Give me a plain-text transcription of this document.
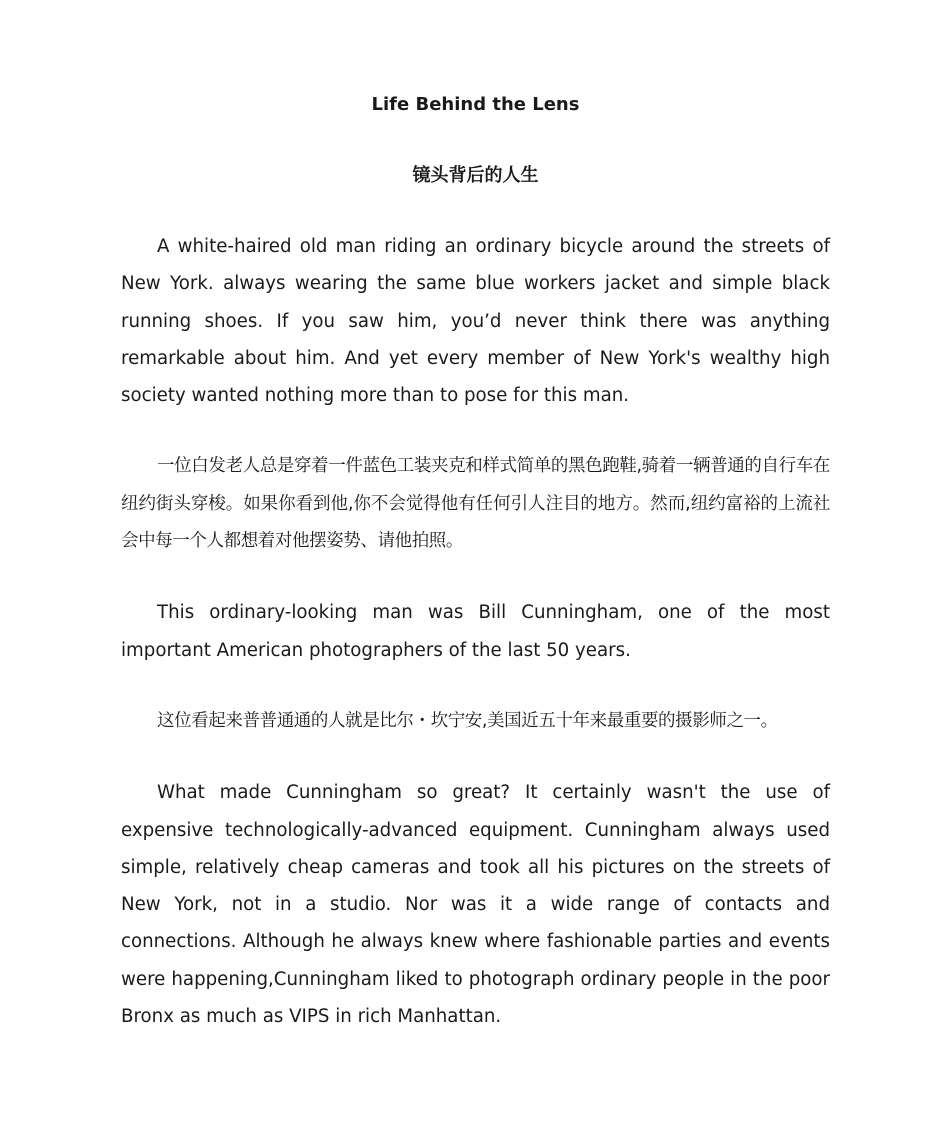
Life Behind the Lens
镜头背后的人生

A white-haired old man riding an ordinary bicycle around the streets of New York. always wearing the same blue workers jacket and simple black running shoes. If you saw him, you’d never think there was anything remarkable about him. And yet every member of New York's wealthy high society wanted nothing more than to pose for this man.

一位白发老人总是穿着一件蓝色工装夹克和样式简单的黑色跑鞋,骑着一辆普通的自行车在纽约街头穿梭。如果你看到他,你不会觉得他有任何引人注目的地方。然而,纽约富裕的上流社会中每一个人都想着对他摆姿势、请他拍照。

This ordinary-looking man was Bill Cunningham, one of the most important American photographers of the last 50 years.

这位看起来普普通通的人就是比尔・坎宁安,美国近五十年来最重要的摄影师之一。

What made Cunningham so great? It certainly wasn't the use of expensive technologically-advanced equipment. Cunningham always used simple, relatively cheap cameras and took all his pictures on the streets of New York, not in a studio. Nor was it a wide range of contacts and connections. Although he always knew where fashionable parties and events were happening,Cunningham liked to photograph ordinary people in the poor Bronx as much as VIPS in rich Manhattan.
